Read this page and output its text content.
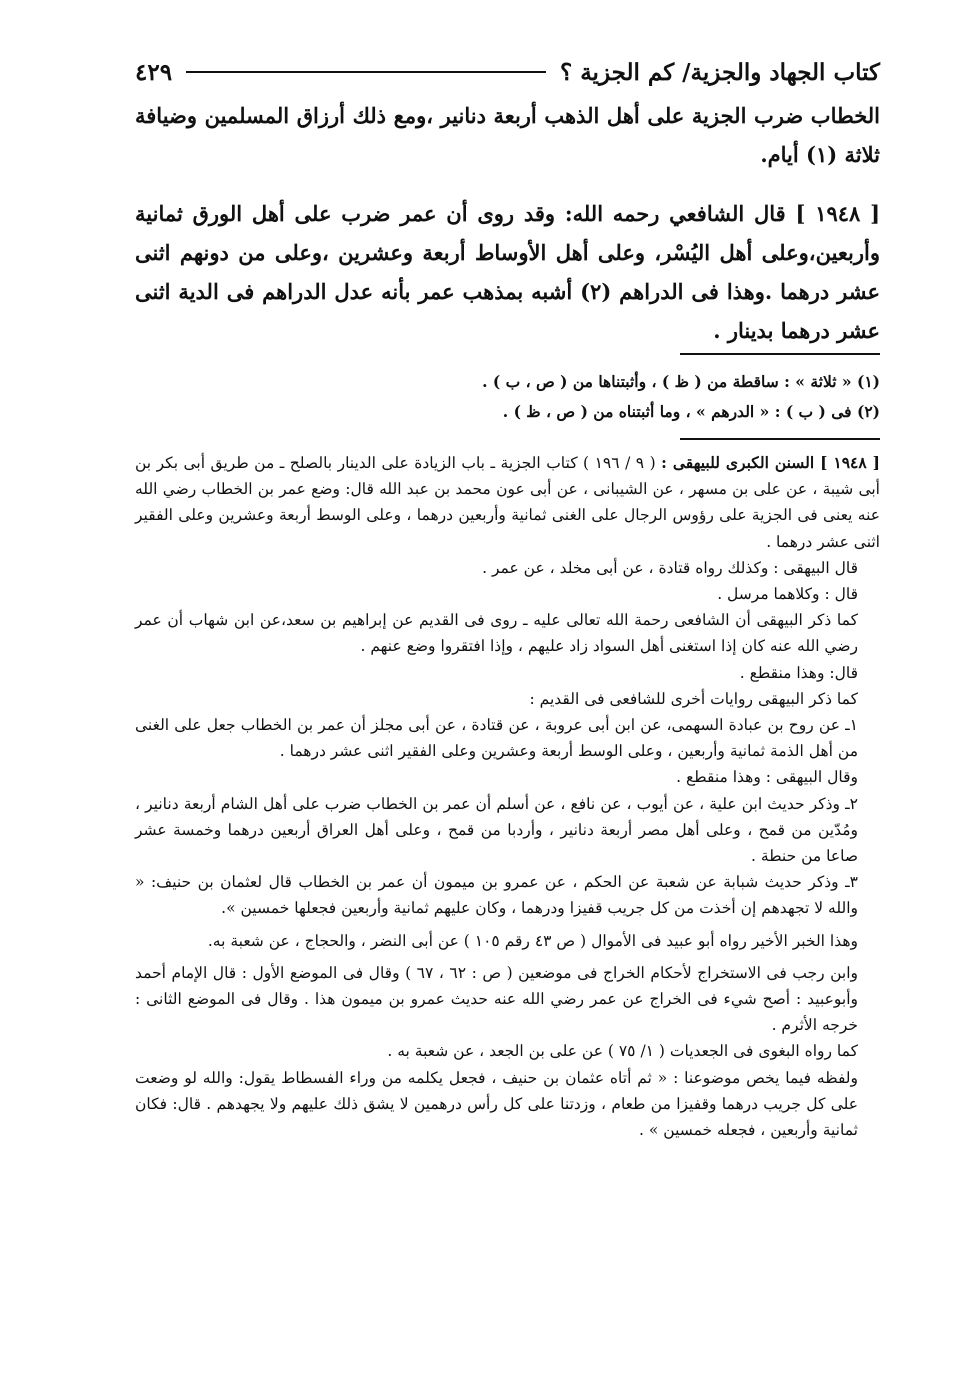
كتاب الجهاد والجزية/ كم الجزية ؟
٤٢٩

الخطاب ضرب الجزية على أهل الذهب أربعة دنانير ،ومع ذلك أرزاق المسلمين وضيافة ثلاثة (١) أيام.

[ ١٩٤٨ ] قال الشافعي رحمه الله: وقد روى أن عمر ضرب على أهل الورق ثمانية وأربعين،وعلى أهل اليُسْر، وعلى أهل الأوساط أربعة وعشرين ،وعلى من دونهم اثنى عشر درهما .وهذا فى الدراهم (٢) أشبه بمذهب عمر بأنه عدل الدراهم فى الدية اثنى عشر درهما بدينار .

(١) « ثلاثة » : ساقطة من ( ظ ) ، وأثبتناها من ( ص ، ب ) .

(٢) فى ( ب ) : « الدرهم » ، وما أثبتناه من ( ص ، ظ ) .

[ ١٩٤٨ ] السنن الكبرى للبيهقى : ( ٩ / ١٩٦ ) كتاب الجزية ـ باب الزيادة على الدينار بالصلح ـ من طريق أبى بكر بن أبى شيبة ، عن على بن مسهر ، عن الشيبانى ، عن أبى عون محمد بن عبد الله قال: وضع عمر بن الخطاب رضي الله عنه يعنى فى الجزية على رؤوس الرجال على الغنى ثمانية وأربعين درهما ، وعلى الوسط أربعة وعشرين وعلى الفقير اثنى عشر درهما .

قال البيهقى : وكذلك رواه قتادة ، عن أبى مخلد ، عن عمر .

قال : وكلاهما مرسل .

كما ذكر البيهقى أن الشافعى رحمة الله تعالى عليه ـ روى فى القديم عن إبراهيم بن سعد،عن ابن شهاب أن عمر رضي الله عنه كان إذا استغنى أهل السواد زاد عليهم ، وإذا افتقروا وضع عنهم .

قال: وهذا منقطع .

كما ذكر البيهقى روايات أخرى للشافعى فى القديم :

١ـ عن روح بن عبادة السهمى، عن ابن أبى عروبة ، عن قتادة ، عن أبى مجلز أن عمر بن الخطاب جعل على الغنى من أهل الذمة ثمانية وأربعين ، وعلى الوسط أربعة وعشرين وعلى الفقير اثنى عشر درهما .

وقال البيهقى : وهذا منقطع .

٢ـ وذكر حديث ابن علية ، عن أيوب ، عن نافع ، عن أسلم أن عمر بن الخطاب ضرب على أهل الشام أربعة دنانير ، ومُدّين من قمح ، وعلى أهل مصر أربعة دنانير ، وأردبا من قمح ، وعلى أهل العراق أربعين درهما وخمسة عشر صاعا من حنطة .

٣ـ وذكر حديث شبابة عن شعبة عن الحكم ، عن عمرو بن ميمون أن عمر بن الخطاب قال لعثمان بن حنيف: « والله لا تجهدهم إن أخذت من كل جريب قفيزا ودرهما ، وكان عليهم ثمانية وأربعين فجعلها خمسين ».

وهذا الخبر الأخير رواه أبو عبيد فى الأموال ( ص ٤٣ رقم ١٠٥ ) عن أبى النضر ، والحجاج ، عن شعبة به.

وابن رجب فى الاستخراج لأحكام الخراج فى موضعين ( ص : ٦٢ ، ٦٧ ) وقال فى الموضع الأول : قال الإمام أحمد وأبوعبيد : أصح شيء فى الخراج عن عمر رضي الله عنه حديث عمرو بن ميمون هذا . وقال فى الموضع الثانى : خرجه الأثرم .

كما رواه البغوى فى الجعديات ( ١/ ٧٥ ) عن على بن الجعد ، عن شعبة به .

ولفظه فيما يخص موضوعنا : « ثم أتاه عثمان بن حنيف ، فجعل يكلمه من وراء الفسطاط يقول: والله لو وضعت على كل جريب درهما وقفيزا من طعام ، وزدتنا على كل رأس درهمين لا يشق ذلك عليهم ولا يجهدهم . قال: فكان ثمانية وأربعين ، فجعله خمسين » .
